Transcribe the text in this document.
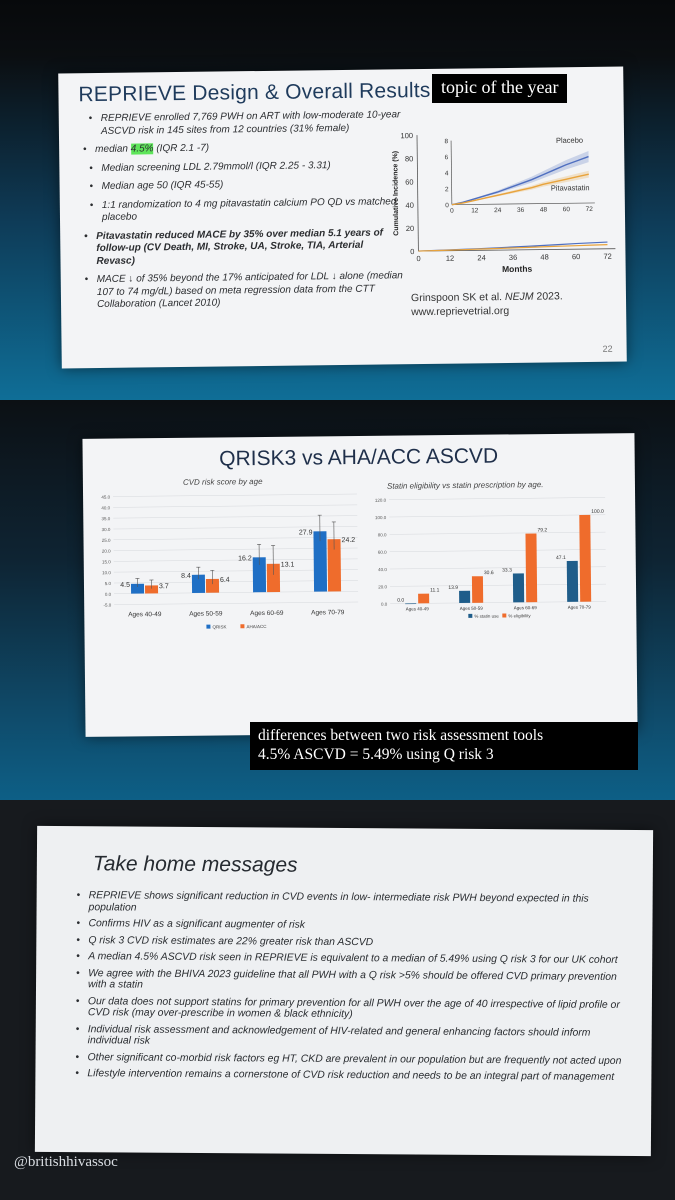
REPRIEVE Design & Overall Results
• REPRIEVE enrolled 7,769 PWH on ART with low-moderate 10-year ASCVD risk in 145 sites from 12 countries (31% female)
• median 4.5% (IQR 2.1 -7)
• Median screening LDL 2.79mmol/l (IQR 2.25 - 3.31)
• Median age 50 (IQR 45-55)
• 1:1 randomization to 4 mg pitavastatin calcium PO QD vs matched placebo
• Pitavastatin reduced MACE by 35% over median 5.1 years of follow-up (CV Death, MI, Stroke, UA, Stroke, TIA, Arterial Revasc)
• MACE ↓ of 35% beyond the 17% anticipated for LDL ↓ alone (median 107 to 74 mg/dL) based on meta regression data from the CTT Collaboration (Lancet 2010)
0
20
40
60
80
100
0	12	24	36	48	60	72
Months
Cumulative Incidence (%)	0
2
4
6
8
0	12 24 36 48 60 72
Placebo
Pitavastatin
Grinspoon SK et al. NEJM 2023.
www.reprievetrial.org
22
topic of the year
QRISK3 vs AHA/ACC ASCVD
CVD risk score by age	Statin eligibility vs statin prescription by age.
-5.0
0.0
5.0
10.0
15.0
20.0
25.0
30.0
35.0
40.0
45.0
4.5	3.7
Ages 40-49
8.4
6.4
Ages 50-59
16.2
13.1
Ages 60-69
27.9
24.2
Ages 70-79
QRISK	AHA/ACC
0.0
20.0
40.0
60.0
80.0
100.0
120.0
0.0
11.1
Ages 40-49
13.9
30.6
Ages 50-59
33.3
79.2
Ages 60-69
47.1
100.0
Ages 70-79
% statin use % eligibility
differences between two risk assessment tools
4.5% ASCVD = 5.49% using Q risk 3
Take home messages
• REPRIEVE shows significant reduction in CVD events in low- intermediate risk PWH beyond expected in this population
• Confirms HIV as a significant augmenter of risk
• Q risk 3 CVD risk estimates are 22% greater risk than ASCVD
• A median 4.5% ASCVD risk seen in REPRIEVE is equivalent to a median of 5.49% using Q risk 3 for our UK cohort
• We agree with the BHIVA 2023 guideline that all PWH with a Q risk >5% should be offered CVD primary prevention with a statin
• Our data does not support statins for primary prevention for all PWH over the age of 40 irrespective of lipid profile or CVD risk (may over-prescribe in women & black ethnicity)
• Individual risk assessment and acknowledgement of HIV-related and general enhancing factors should inform individual risk
• Other significant co-morbid risk factors eg HT, CKD are prevalent in our population but are frequently not acted upon
• Lifestyle intervention remains a cornerstone of CVD risk reduction and needs to be an integral part of management
@britishhivassoc
